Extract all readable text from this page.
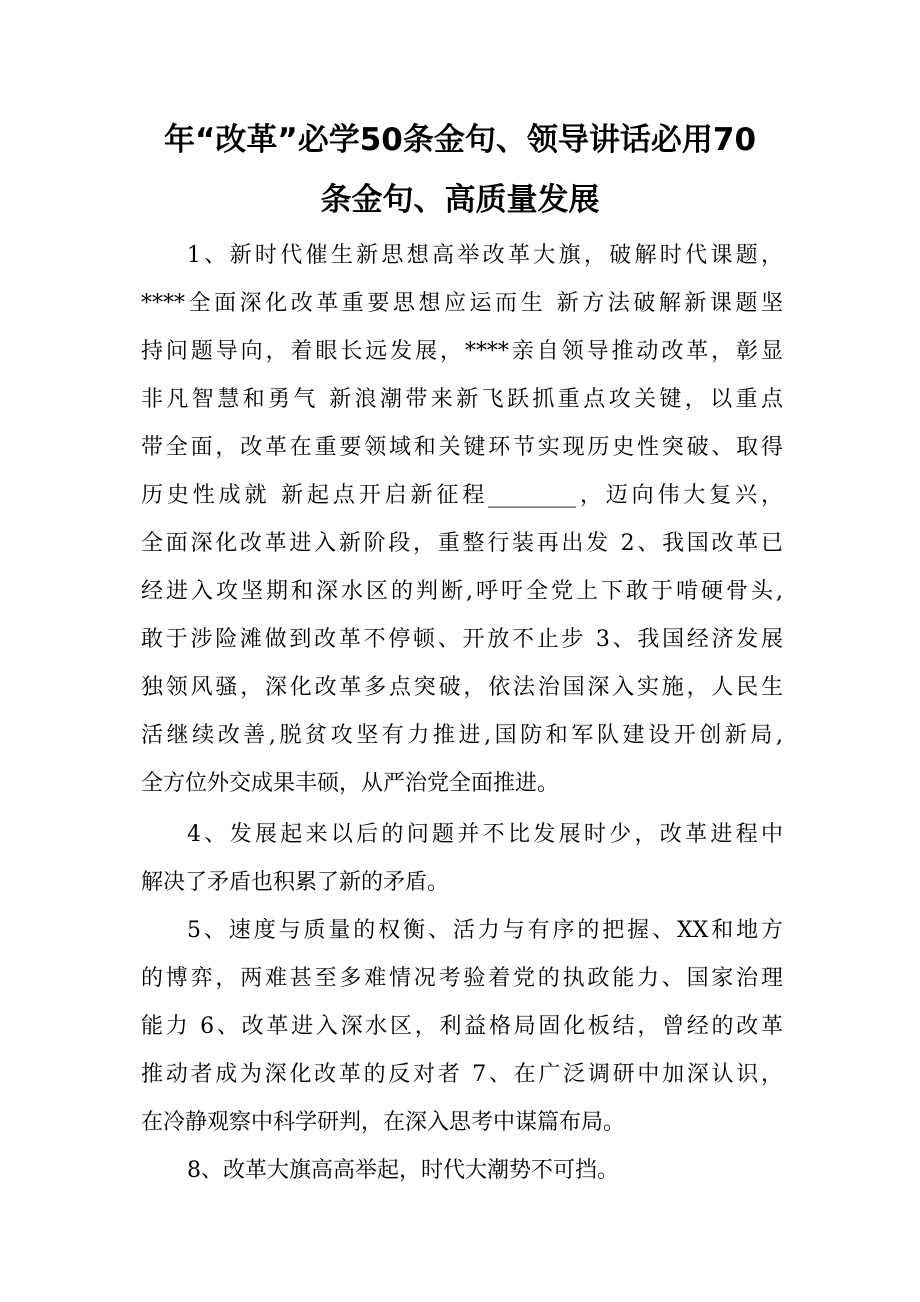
年“改革”必学50条金句、领导讲话必用70
条金句、高质量发展
1、新时代催生新思想高举改革大旗，破解时代课题，
****全面深化改革重要思想应运而生 新方法破解新课题坚
持问题导向，着眼长远发展，****亲自领导推动改革，彰显
非凡智慧和勇气 新浪潮带来新飞跃抓重点攻关键，以重点
带全面，改革在重要领域和关键环节实现历史性突破、取得
历史性成就 新起点开启新征程________，迈向伟大复兴，
全面深化改革进入新阶段，重整行装再出发 2、我国改革已
经进入攻坚期和深水区的判断,呼吁全党上下敢于啃硬骨头,
敢于涉险滩做到改革不停顿、开放不止步 3、我国经济发展
独领风骚，深化改革多点突破，依法治国深入实施，人民生
活继续改善,脱贫攻坚有力推进,国防和军队建设开创新局,
全方位外交成果丰硕，从严治党全面推进。
4、发展起来以后的问题并不比发展时少，改革进程中
解决了矛盾也积累了新的矛盾。
5、速度与质量的权衡、活力与有序的把握、XX和地方
的博弈，两难甚至多难情况考验着党的执政能力、国家治理
能力 6、改革进入深水区，利益格局固化板结，曾经的改革
推动者成为深化改革的反对者 7、在广泛调研中加深认识，
在冷静观察中科学研判，在深入思考中谋篇布局。
8、改革大旗高高举起，时代大潮势不可挡。
